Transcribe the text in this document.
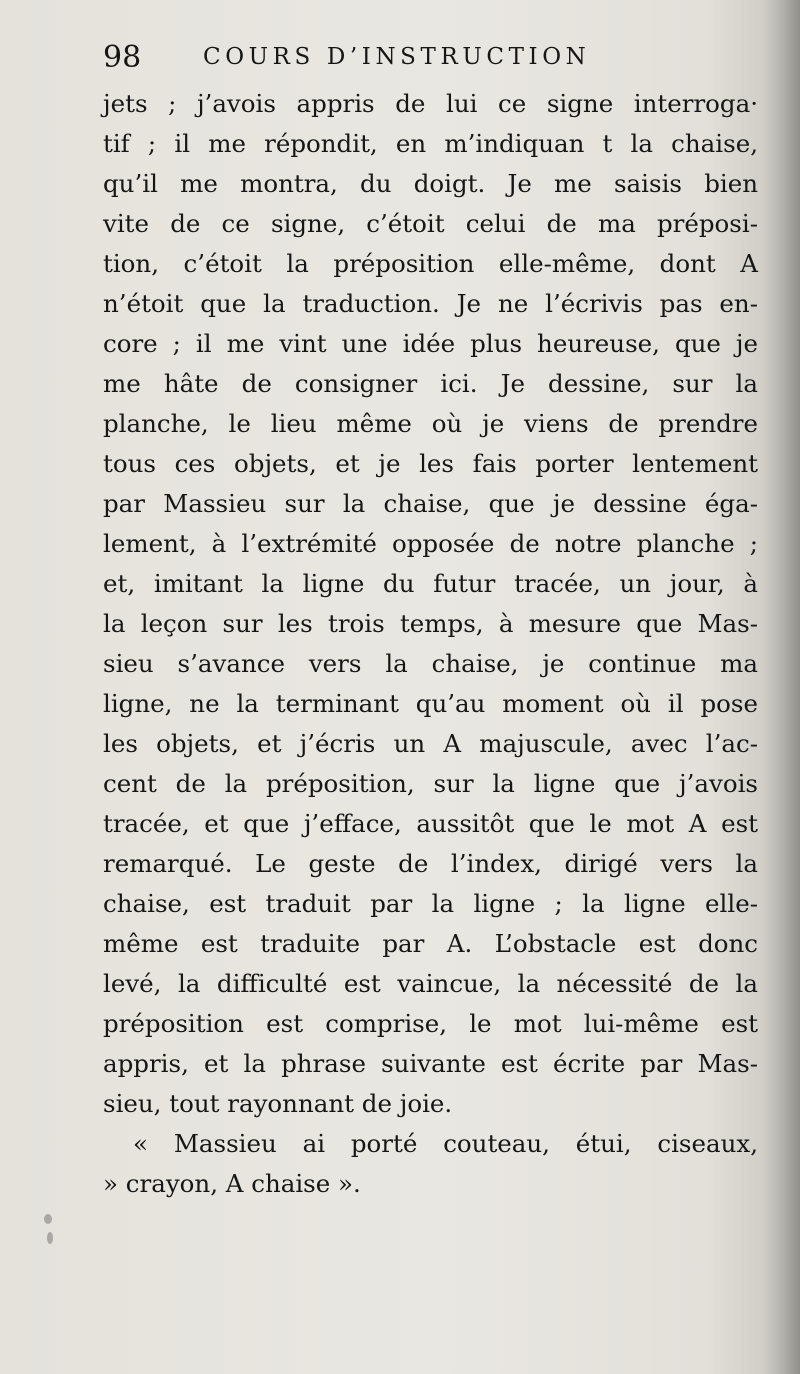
98	COURS D’INSTRUCTION
jets ; j’avois appris de lui ce signe interroga·
tif ; il me répondit, en m’indiquan t la chaise,
qu’il me montra, du doigt. Je me saisis bien
vite de ce signe, c’étoit celui de ma préposi-
tion, c’étoit la préposition elle-même, dont A
n’étoit que la traduction. Je ne l’écrivis pas en-
core ; il me vint une idée plus heureuse, que je
me hâte de consigner ici. Je dessine, sur la
planche, le lieu même où je viens de prendre
tous ces objets, et je les fais porter lentement
par Massieu sur la chaise, que je dessine éga-
lement, à l’extrémité opposée de notre planche ;
et, imitant la ligne du futur tracée, un jour, à
la leçon sur les trois temps, à mesure que Mas-
sieu s’avance vers la chaise, je continue ma
ligne, ne la terminant qu’au moment où il pose
les objets, et j’écris un A majuscule, avec l’ac-
cent de la préposition, sur la ligne que j’avois
tracée, et que j’efface, aussitôt que le mot A est
remarqué. Le geste de l’index, dirigé vers la
chaise, est traduit par la ligne ; la ligne elle-
même est traduite par A. L’obstacle est donc
levé, la difficulté est vaincue, la nécessité de la
préposition est comprise, le mot lui-même est
appris, et la phrase suivante est écrite par Mas-
sieu, tout rayonnant de joie.
« Massieu ai porté couteau, étui, ciseaux,
» crayon, A chaise ».
